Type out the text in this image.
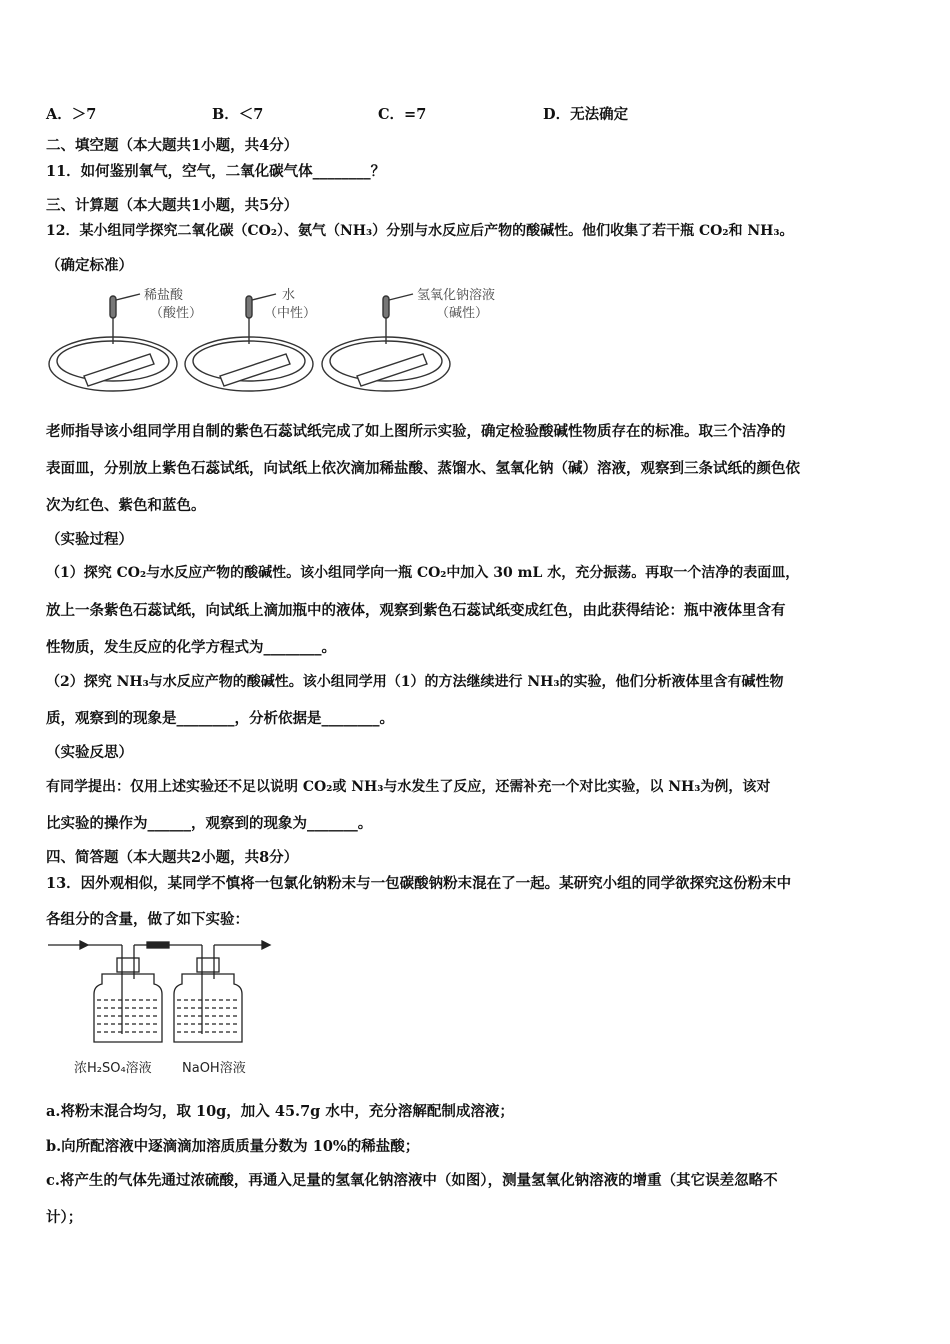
A．＞7	B．＜7	C．=7	D．无法确定
二、填空题（本大题共1小题，共4分）
11．如何鉴别氧气，空气，二氧化碳气体________？
三、计算题（本大题共1小题，共5分）
12．某小组同学探究二氧化碳（CO₂）、氨气（NH₃）分别与水反应后产物的酸碱性。他们收集了若干瓶 CO₂和 NH₃。
（确定标准）
稀盐酸
（酸性）
水
（中性）
氢氧化钠溶液
（碱性）
老师指导该小组同学用自制的紫色石蕊试纸完成了如上图所示实验，确定检验酸碱性物质存在的标准。取三个洁净的
表面皿，分别放上紫色石蕊试纸，向试纸上依次滴加稀盐酸、蒸馏水、氢氧化钠（碱）溶液，观察到三条试纸的颜色依
次为红色、紫色和蓝色。
（实验过程）
（1）探究 CO₂与水反应产物的酸碱性。该小组同学向一瓶 CO₂中加入 30 mL 水，充分振荡。再取一个洁净的表面皿，
放上一条紫色石蕊试纸，向试纸上滴加瓶中的液体，观察到紫色石蕊试纸变成红色，由此获得结论：瓶中液体里含有
性物质，发生反应的化学方程式为________。
（2）探究 NH₃与水反应产物的酸碱性。该小组同学用（1）的方法继续进行 NH₃的实验，他们分析液体里含有碱性物
质，观察到的现象是________，分析依据是________。
（实验反思）
有同学提出：仅用上述实验还不足以说明 CO₂或 NH₃与水发生了反应，还需补充一个对比实验，以 NH₃为例，该对
比实验的操作为______，观察到的现象为_______。
四、简答题（本大题共2小题，共8分）
13．因外观相似，某同学不慎将一包氯化钠粉末与一包碳酸钠粉末混在了一起。某研究小组的同学欲探究这份粉末中
各组分的含量，做了如下实验：
浓H₂SO₄溶液 NaOH溶液
a.将粉末混合均匀，取 10g，加入 45.7g 水中，充分溶解配制成溶液；
b.向所配溶液中逐滴滴加溶质质量分数为 10%的稀盐酸；
c.将产生的气体先通过浓硫酸，再通入足量的氢氧化钠溶液中（如图），测量氢氧化钠溶液的增重（其它误差忽略不
计）；
